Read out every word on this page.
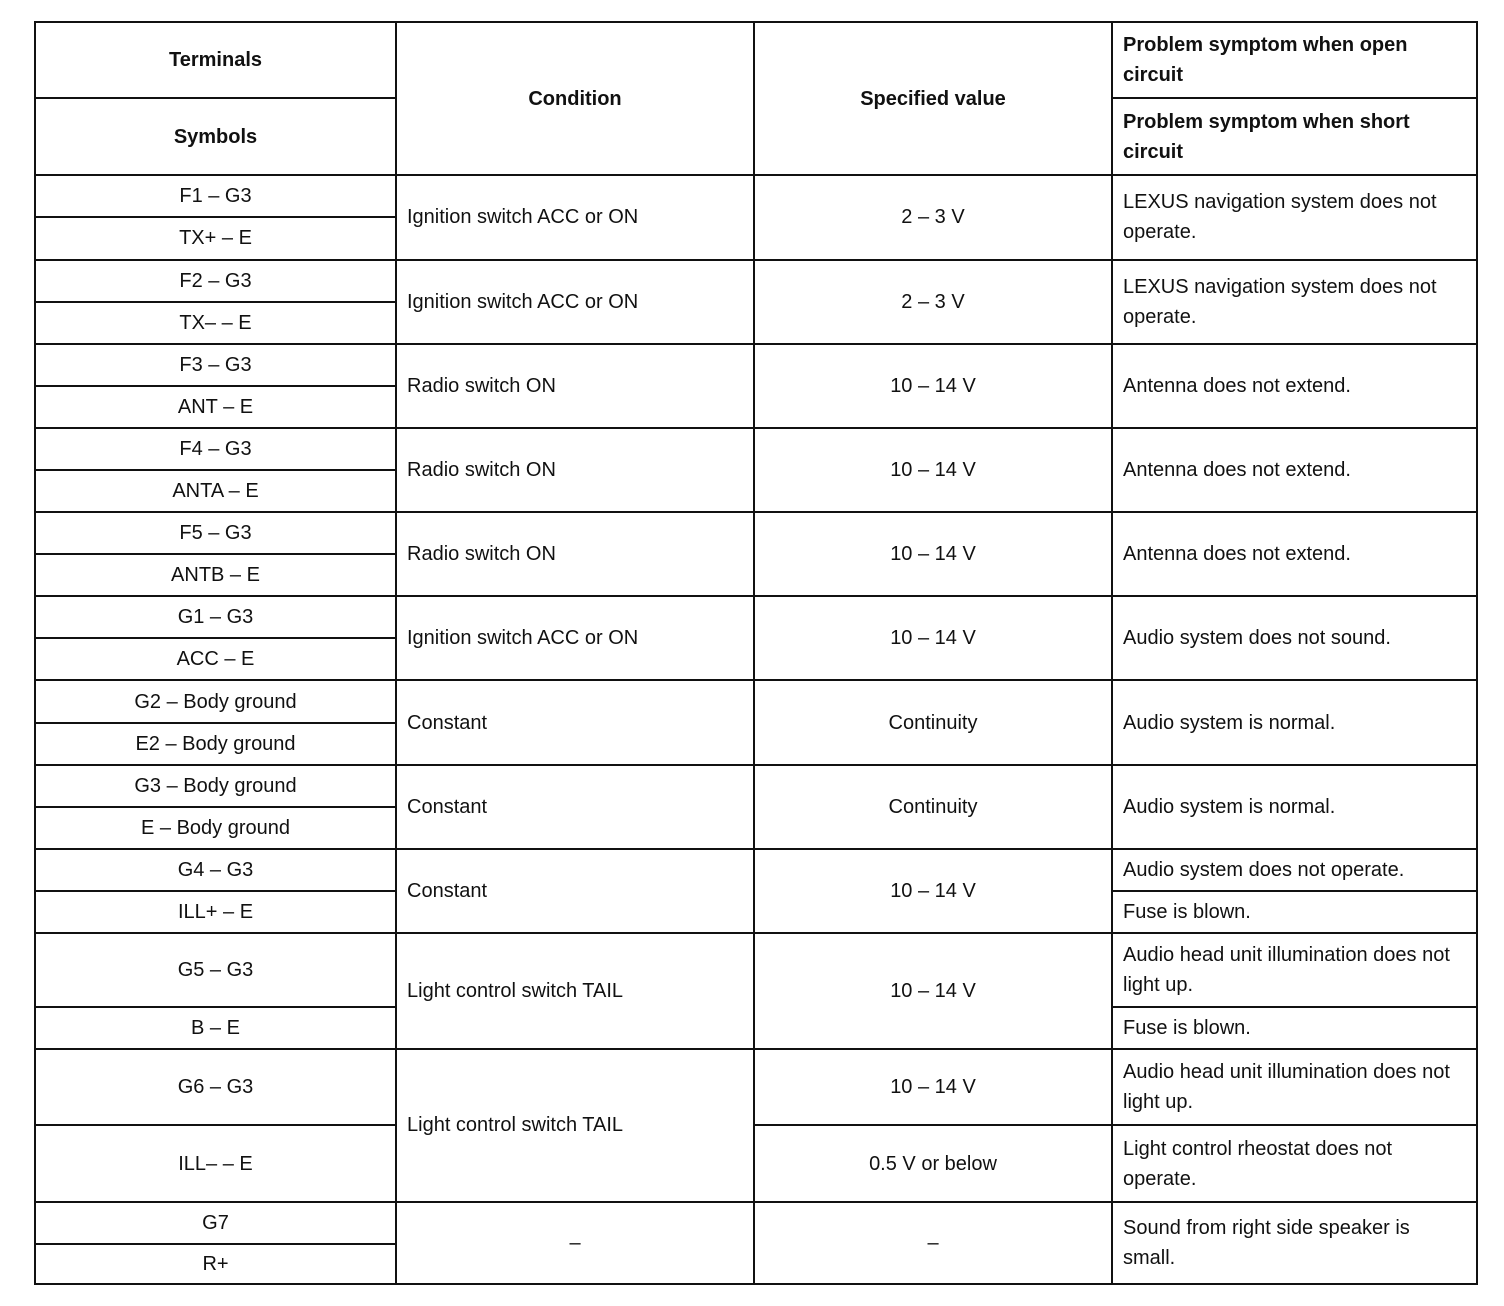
Terminals	Condition	Specified value	Problem symptom when open circuit
Symbols			Problem symptom when short circuit
F1 – G3	Ignition switch ACC or ON	2 – 3 V	LEXUS navigation system does not operate.
TX+ – E			
F2 – G3	Ignition switch ACC or ON	2 – 3 V	LEXUS navigation system does not operate.
TX– – E			
F3 – G3	Radio switch ON	10 – 14 V	Antenna does not extend.
ANT – E			
F4 – G3	Radio switch ON	10 – 14 V	Antenna does not extend.
ANTA – E			
F5 – G3	Radio switch ON	10 – 14 V	Antenna does not extend.
ANTB – E			
G1 – G3	Ignition switch ACC or ON	10 – 14 V	Audio system does not sound.
ACC – E			
G2 – Body ground	Constant	Continuity	Audio system is normal.
E2 – Body ground			
G3 – Body ground	Constant	Continuity	Audio system is normal.
E – Body ground			
G4 – G3	Constant	10 – 14 V	Audio system does not operate.
ILL+ – E			Fuse is blown.
G5 – G3	Light control switch TAIL	10 – 14 V	Audio head unit illumination does not light up.
B – E			Fuse is blown.
G6 – G3	Light control switch TAIL	10 – 14 V	Audio head unit illumination does not light up.
ILL– – E		0.5 V or below	Light control rheostat does not operate.
G7	–	–	Sound from right side speaker is small.
R+			
